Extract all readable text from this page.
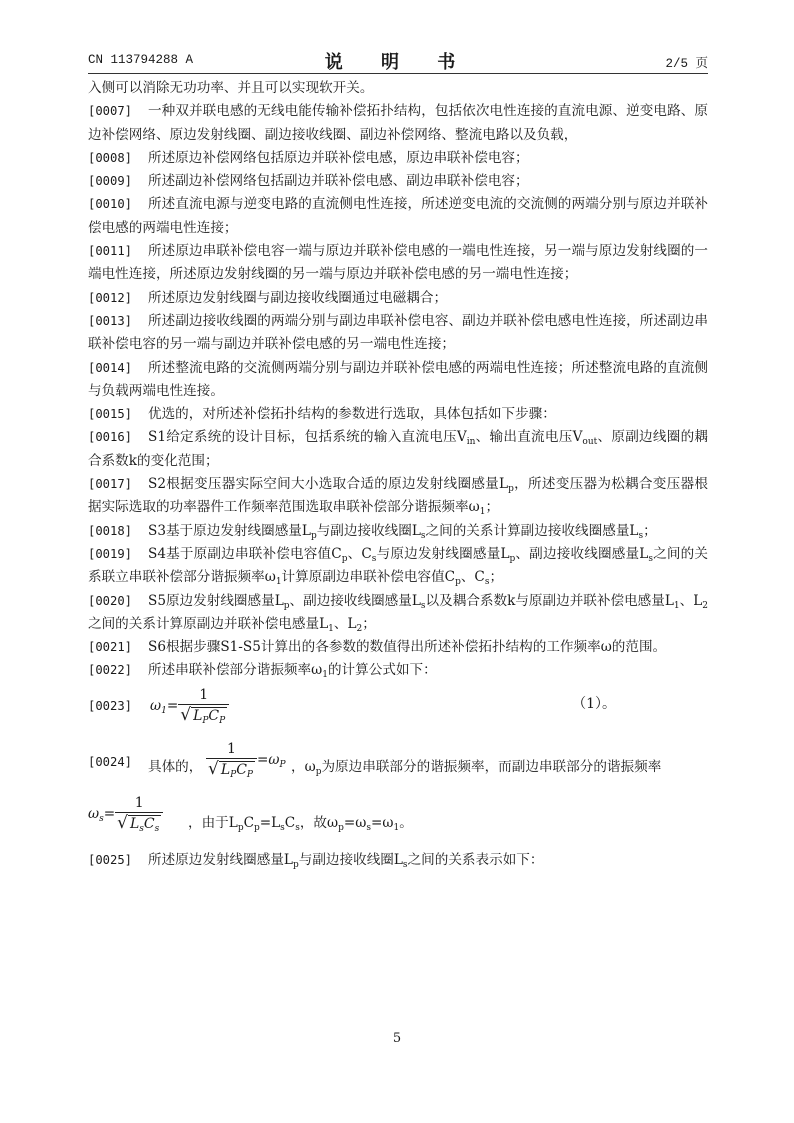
CN 113794288 A	说 明 书	2/5 页
入侧可以消除无功功率、并且可以实现软开关。
[0007]	一种双并联电感的无线电能传输补偿拓扑结构，包括依次电性连接的直流电源、逆变电路、原边补偿网络、原边发射线圈、副边接收线圈、副边补偿网络、整流电路以及负载，
[0008]	所述原边补偿网络包括原边并联补偿电感，原边串联补偿电容；
[0009]	所述副边补偿网络包括副边并联补偿电感、副边串联补偿电容；
[0010]	所述直流电源与逆变电路的直流侧电性连接，所述逆变电流的交流侧的两端分别与原边并联补偿电感的两端电性连接；
[0011]	所述原边串联补偿电容一端与原边并联补偿电感的一端电性连接，另一端与原边发射线圈的一端电性连接，所述原边发射线圈的另一端与原边并联补偿电感的另一端电性连接；
[0012]	所述原边发射线圈与副边接收线圈通过电磁耦合；
[0013]	所述副边接收线圈的两端分别与副边串联补偿电容、副边并联补偿电感电性连接，所述副边串联补偿电容的另一端与副边并联补偿电感的另一端电性连接；
[0014]	所述整流电路的交流侧两端分别与副边并联补偿电感的两端电性连接；所述整流电路的直流侧与负载两端电性连接。
[0015]	优选的，对所述补偿拓扑结构的参数进行选取，具体包括如下步骤：
[0016]	S1给定系统的设计目标，包括系统的输入直流电压$V_{in}$、输出直流电压$V_{out}$、原副边线圈的耦合系数k的变化范围；
[0017]	S2根据变压器实际空间大小选取合适的原边发射线圈感量$L_p$，所述变压器为松耦合变压器根据实际选取的功率器件工作频率范围选取串联补偿部分谐振频率$\omega_1$；
[0018]	S3基于原边发射线圈感量$L_p$与副边接收线圈$L_s$之间的关系计算副边接收线圈感量$L_s$；
[0019]	S4基于原副边串联补偿电容值$C_p$、$C_s$与原边发射线圈感量$L_p$、副边接收线圈感量$L_s$之间的关系联立串联补偿部分谐振频率$\omega_1$计算原副边串联补偿电容值$C_p$、$C_s$；
[0020]	S5原边发射线圈感量$L_p$、副边接收线圈感量$L_s$以及耦合系数k与原副边并联补偿电感量$L_1$、$L_2$之间的关系计算原副边并联补偿电感量$L_1$、$L_2$；
[0021]	S6根据步骤S1-S5计算出的各参数的数值得出所述补偿拓扑结构的工作频率ω的范围。
[0022]	所述串联补偿部分谐振频率$\omega_1$的计算公式如下：
[0023] $\omega_1= \frac{1}{√ L_PC_P}$	（1）。
[0024] 具体的， $\frac{1}{√ L_PC_P} =\omega_P$ ，$\omega_p$为原边串联部分的谐振频率，而副边串联部分的谐振频率
$\omega_s= \frac{1}{√ L_sC_s}$ ，由于$L_pC_p=L_sC_s$，故$\omega_p=\omega_s=\omega_1$。
[0025]	所述原边发射线圈感量$L_p$与副边接收线圈$L_s$之间的关系表示如下：
5
